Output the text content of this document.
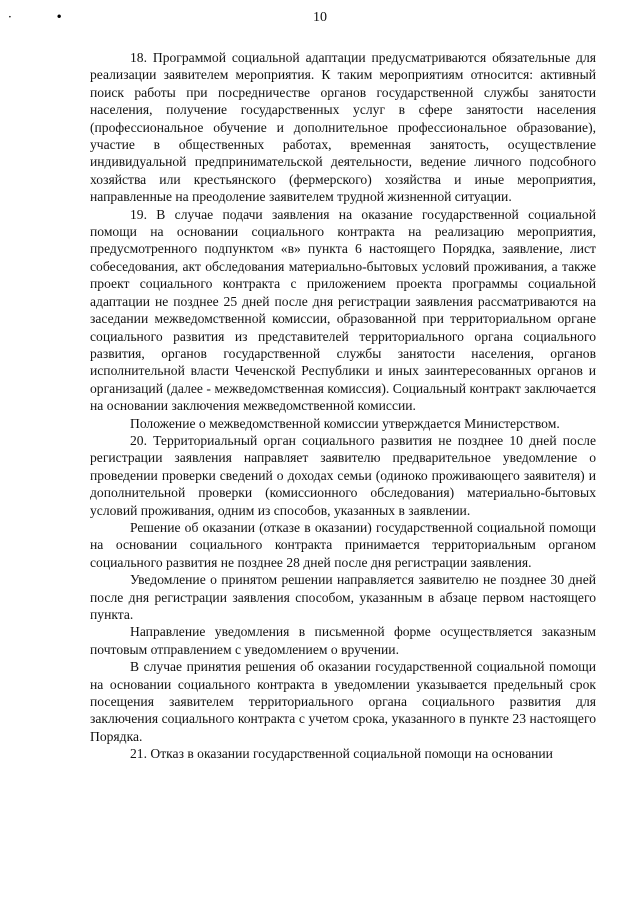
· •	10

18. Программой социальной адаптации предусматриваются обязательные для реализации заявителем мероприятия. К таким мероприятиям относится: активный поиск работы при посредничестве органов государственной службы занятости населения, получение государственных услуг в сфере занятости населения (профессиональное обучение и дополнительное профессиональное образование), участие в общественных работах, временная занятость, осуществление индивидуальной предпринимательской деятельности, ведение личного подсобного хозяйства или крестьянского (фермерского) хозяйства и иные мероприятия, направленные на преодоление заявителем трудной жизненной ситуации.

19. В случае подачи заявления на оказание государственной социальной помощи на основании социального контракта на реализацию мероприятия, предусмотренного подпунктом «в» пункта 6 настоящего Порядка, заявление, лист собеседования, акт обследования материально-бытовых условий проживания, а также проект социального контракта с приложением проекта программы социальной адаптации не позднее 25 дней после дня регистрации заявления рассматриваются на заседании межведомственной комиссии, образованной при территориальном органе социального развития из представителей территориального органа социального развития, органов государственной службы занятости населения, органов исполнительной власти Чеченской Республики и иных заинтересованных органов и организаций (далее - межведомственная комиссия). Социальный контракт заключается на основании заключения межведомственной комиссии.

Положение о межведомственной комиссии утверждается Министерством.

20. Территориальный орган социального развития не позднее 10 дней после регистрации заявления направляет заявителю предварительное уведомление о проведении проверки сведений о доходах семьи (одиноко проживающего заявителя) и дополнительной проверки (комиссионного обследования) материально-бытовых условий проживания, одним из способов, указанных в заявлении.

Решение об оказании (отказе в оказании) государственной социальной помощи на основании социального контракта принимается территориальным органом социального развития не позднее 28 дней после дня регистрации заявления.

Уведомление о принятом решении направляется заявителю не позднее 30 дней после дня регистрации заявления способом, указанным в абзаце первом настоящего пункта.

Направление уведомления в письменной форме осуществляется заказным почтовым отправлением с уведомлением о вручении.

В случае принятия решения об оказании государственной социальной помощи на основании социального контракта в уведомлении указывается предельный срок посещения заявителем территориального органа социального развития для заключения социального контракта с учетом срока, указанного в пункте 23 настоящего Порядка.

21. Отказ в оказании государственной социальной помощи на основании
